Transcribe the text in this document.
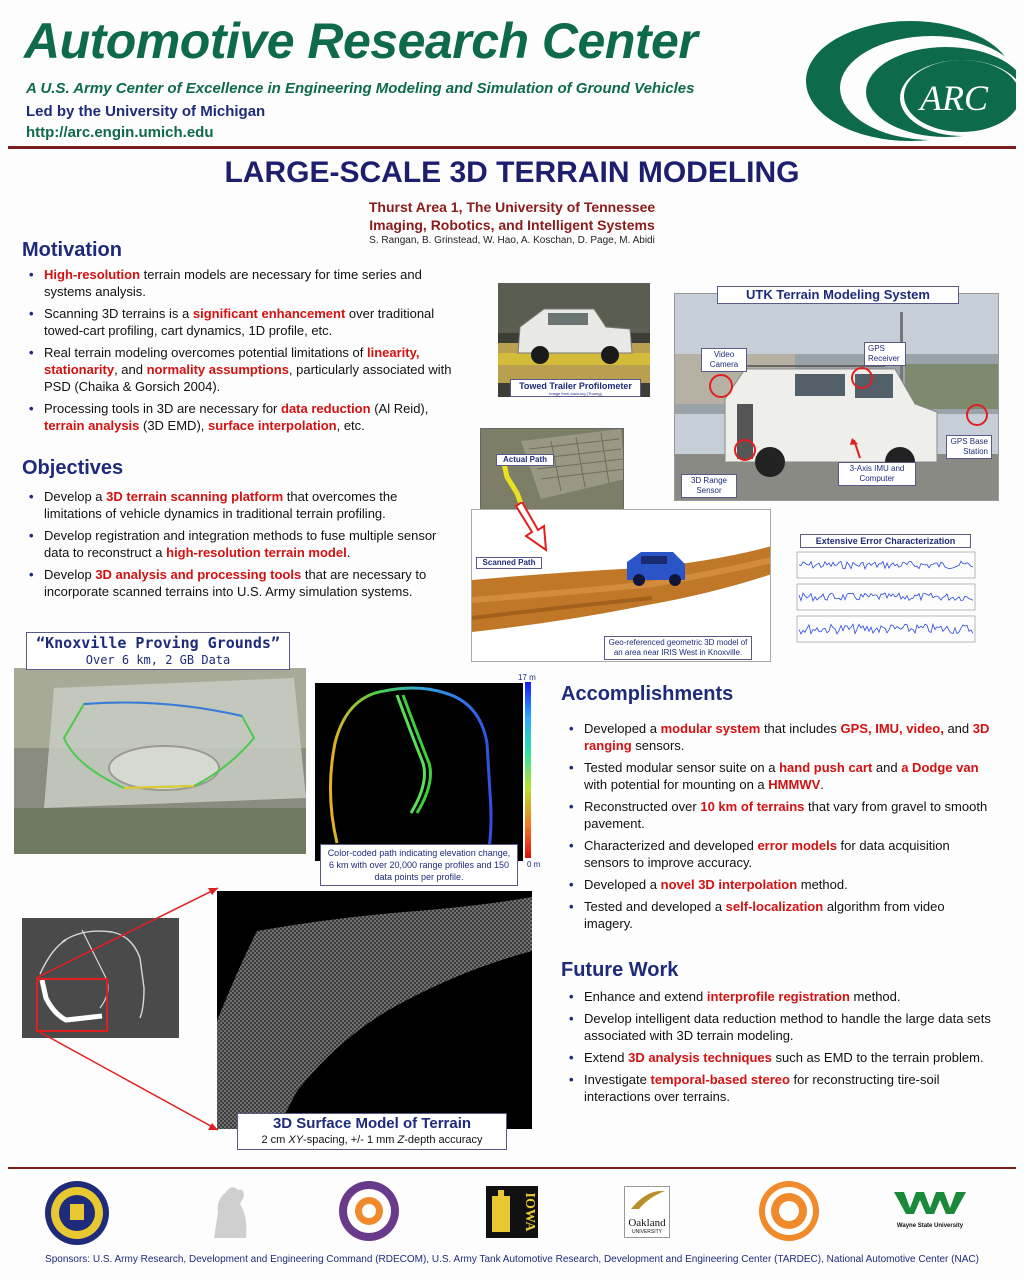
Automotive Research Center
A U.S. Army Center of Excellence in Engineering Modeling and Simulation of Ground Vehicles
Led by the University of Michigan
http://arc.engin.umich.edu
ARC
LARGE-SCALE 3D TERRAIN MODELING
Thurst Area 1, The University of Tennessee
Imaging, Robotics, and Intelligent Systems
S. Rangan, B. Grinstead, W. Hao, A. Koschan, D. Page, M. Abidi
Motivation
• High-resolution terrain models are necessary for time series and systems analysis.
• Scanning 3D terrains is a significant enhancement over traditional towed-cart profiling, cart dynamics, 1D profile, etc.
• Real terrain modeling overcomes potential limitations of linearity, stationarity, and normality assumptions, particularly associated with PSD (Chaika & Gorsich 2004).
• Processing tools in 3D are necessary for data reduction (Al Reid), terrain analysis (3D EMD), surface interpolation, etc.
Objectives
• Develop a 3D terrain scanning platform that overcomes the limitations of vehicle dynamics in traditional terrain profiling.
• Develop registration and integration methods to fuse multiple sensor data to reconstruct a high-resolution terrain model.
• Develop 3D analysis and processing tools that are necessary to incorporate scanned terrains into U.S. Army simulation systems.
Towed Trailer Profilometer
Image from iowa.org (Truong)
UTK Terrain Modeling System
Video Camera
GPS Receiver
GPS Base Station
3D Range Sensor
3-Axis IMU and Computer
Actual Path
Scanned Path
Geo-referenced geometric 3D model of an area near IRIS West in Knoxville.
Extensive Error Characterization
“Knoxville Proving Grounds”
Over 6 km, 2 GB Data
17 m
0 m
Color-coded path indicating elevation change, 6 km with over 20,000 range profiles and 150 data points per profile.
3D Surface Model of Terrain
2 cm XY-spacing, +/- 1 mm Z-depth accuracy
Accomplishments
• Developed a modular system that includes GPS, IMU, video, and 3D ranging sensors.
• Tested modular sensor suite on a hand push cart and a Dodge van with potential for mounting on a HMMWV.
• Reconstructed over 10 km of terrains that vary from gravel to smooth pavement.
• Characterized and developed error models for data acquisition sensors to improve accuracy.
• Developed a novel 3D interpolation method.
• Tested and developed a self-localization algorithm from video imagery.
Future Work
• Enhance and extend interprofile registration method.
• Develop intelligent data reduction method to handle the large data sets associated with 3D terrain modeling.
• Extend 3D analysis techniques such as EMD to the terrain problem.
• Investigate temporal-based stereo for reconstructing tire-soil interactions over terrains.
IOWA	Oakland
UNIVERSITY
Wayne State University
Sponsors: U.S. Army Research, Development and Engineering Command (RDECOM), U.S. Army Tank Automotive Research, Development and Engineering Center (TARDEC), National Automotive Center (NAC)
